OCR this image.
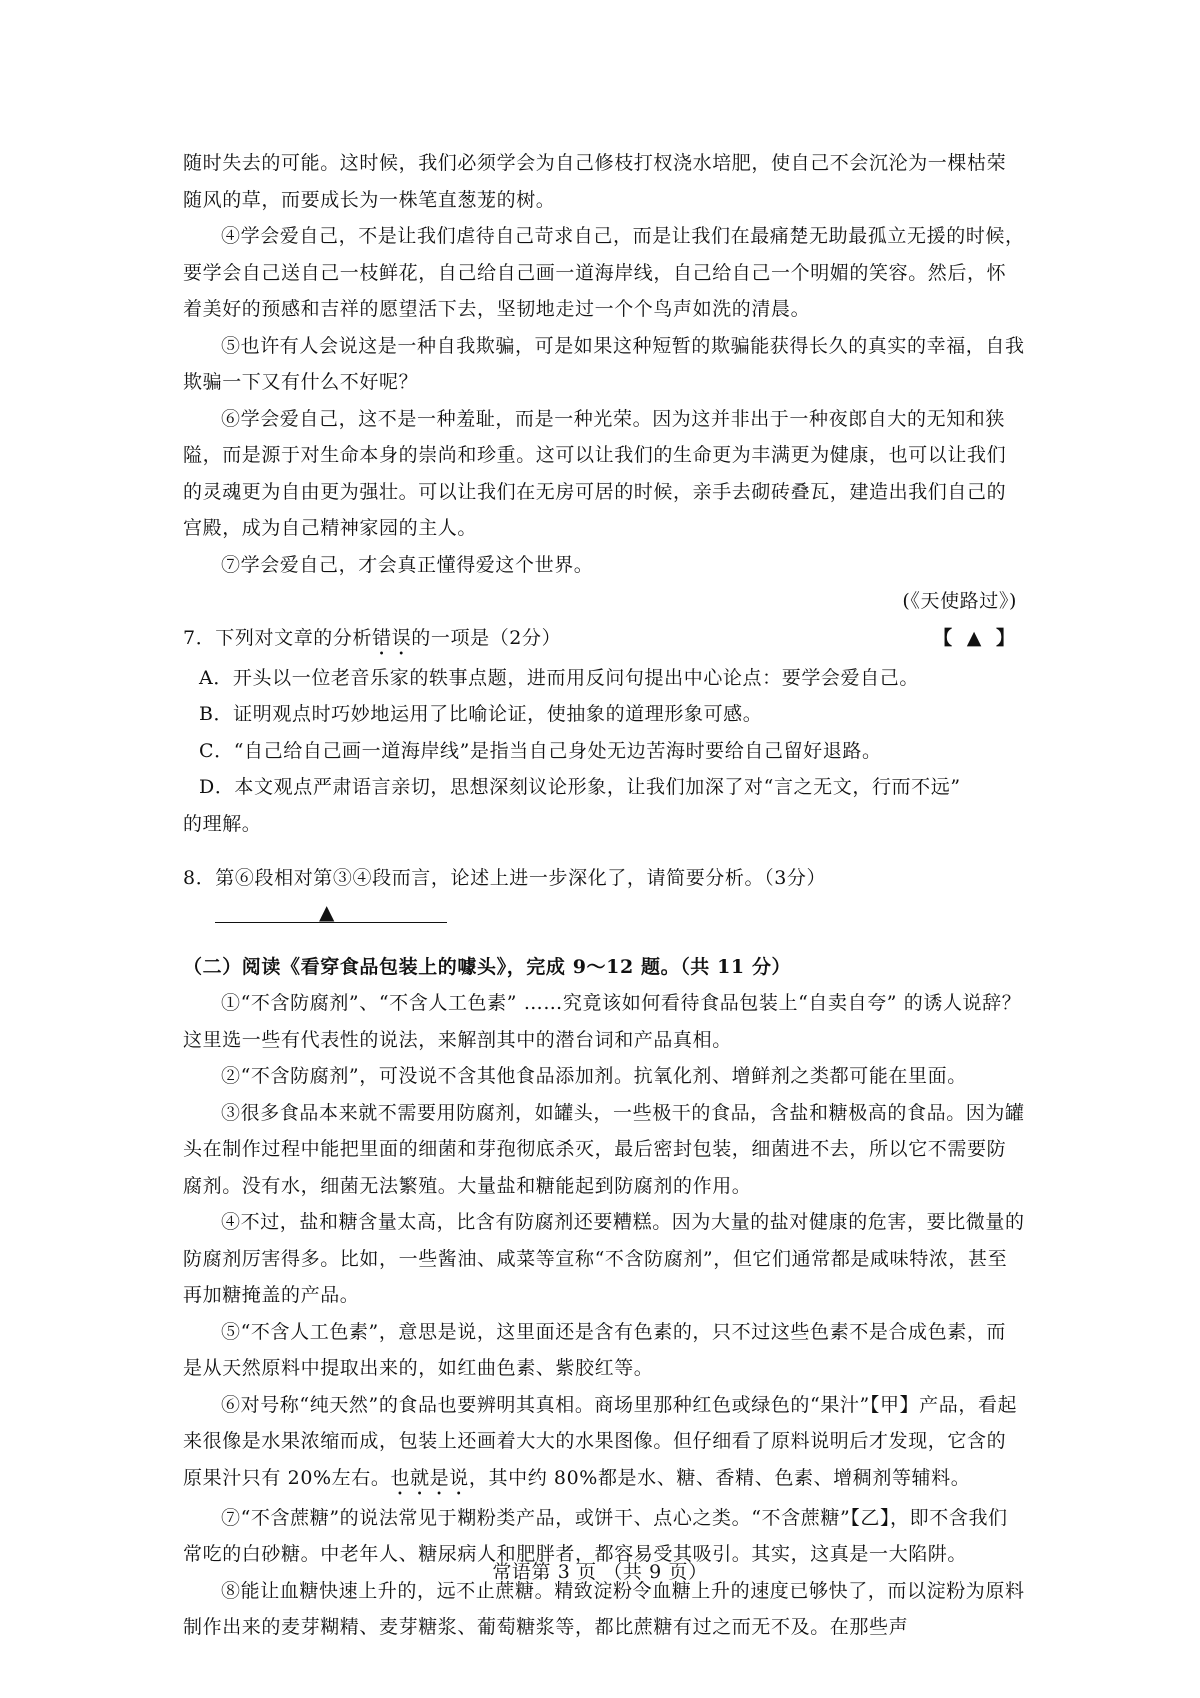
随时失去的可能。这时候，我们必须学会为自己修枝打杈浇水培肥，使自己不会沉沦为一棵枯荣随风的草，而要成长为一株笔直葱茏的树。

④学会爱自己，不是让我们虐待自己苛求自己，而是让我们在最痛楚无助最孤立无援的时候，要学会自己送自己一枝鲜花，自己给自己画一道海岸线，自己给自己一个明媚的笑容。然后，怀着美好的预感和吉祥的愿望活下去，坚韧地走过一个个鸟声如洗的清晨。

⑤也许有人会说这是一种自我欺骗，可是如果这种短暂的欺骗能获得长久的真实的幸福，自我欺骗一下又有什么不好呢？

⑥学会爱自己，这不是一种羞耻，而是一种光荣。因为这并非出于一种夜郎自大的无知和狭隘，而是源于对生命本身的崇尚和珍重。这可以让我们的生命更为丰满更为健康，也可以让我们的灵魂更为自由更为强壮。可以让我们在无房可居的时候，亲手去砌砖叠瓦，建造出我们自己的宫殿，成为自己精神家园的主人。

⑦学会爱自己，才会真正懂得爱这个世界。

(《天使路过》)

7．下列对文章的分析错误的一项是（2分）	【 ▲ 】

A．开头以一位老音乐家的轶事点题，进而用反问句提出中心论点：要学会爱自己。

B．证明观点时巧妙地运用了比喻论证，使抽象的道理形象可感。

C．“自己给自己画一道海岸线”是指当自己身处无边苦海时要给自己留好退路。

D．本文观点严肃语言亲切，思想深刻议论形象，让我们加深了对“言之无文，行而不远”

的理解。

8．第⑥段相对第③④段而言，论述上进一步深化了，请简要分析。（3分）

▲

（二）阅读《看穿食品包装上的噱头》，完成 9～12 题。（共 11 分）

①“不含防腐剂”、“不含人工色素” ……究竟该如何看待食品包装上“自卖自夸” 的诱人说辞？这里选一些有代表性的说法，来解剖其中的潜台词和产品真相。

②“不含防腐剂”，可没说不含其他食品添加剂。抗氧化剂、增鲜剂之类都可能在里面。

③很多食品本来就不需要用防腐剂，如罐头，一些极干的食品，含盐和糖极高的食品。因为罐头在制作过程中能把里面的细菌和芽孢彻底杀灭，最后密封包装，细菌进不去，所以它不需要防腐剂。没有水，细菌无法繁殖。大量盐和糖能起到防腐剂的作用。

④不过，盐和糖含量太高，比含有防腐剂还要糟糕。因为大量的盐对健康的危害，要比微量的防腐剂厉害得多。比如，一些酱油、咸菜等宣称“不含防腐剂”，但它们通常都是咸味特浓，甚至再加糖掩盖的产品。

⑤“不含人工色素”，意思是说，这里面还是含有色素的，只不过这些色素不是合成色素，而是从天然原料中提取出来的，如红曲色素、紫胶红等。

⑥对号称“纯天然”的食品也要辨明其真相。商场里那种红色或绿色的“果汁”【甲】产品，看起来很像是水果浓缩而成，包装上还画着大大的水果图像。但仔细看了原料说明后才发现，它含的原果汁只有 20%左右。也就是说，其中约 80%都是水、糖、香精、色素、增稠剂等辅料。

⑦“不含蔗糖”的说法常见于糊粉类产品，或饼干、点心之类。“不含蔗糖”【乙】，即不含我们常吃的白砂糖。中老年人、糖尿病人和肥胖者，都容易受其吸引。其实，这真是一大陷阱。

⑧能让血糖快速上升的，远不止蔗糖。精致淀粉令血糖上升的速度已够快了，而以淀粉为原料制作出来的麦芽糊精、麦芽糖浆、葡萄糖浆等，都比蔗糖有过之而无不及。在那些声

常语第 3 页 （共 9 页）
